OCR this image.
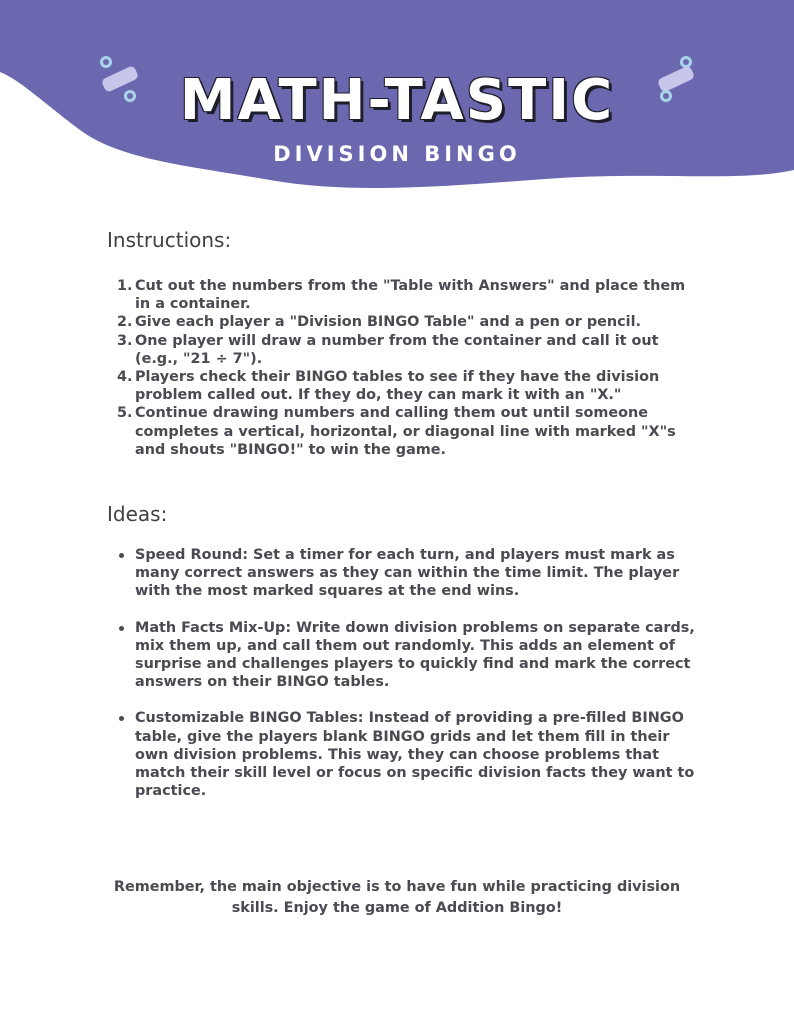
MATH-TASTIC
DIVISION BINGO
Instructions:
1. Cut out the numbers from the "Table with Answers" and place them in a container.
2. Give each player a "Division BINGO Table" and a pen or pencil.
3. One player will draw a number from the container and call it out (e.g., "21 ÷ 7").
4. Players check their BINGO tables to see if they have the division problem called out. If they do, they can mark it with an "X."
5. Continue drawing numbers and calling them out until someone completes a vertical, horizontal, or diagonal line with marked "X"s and shouts "BINGO!" to win the game.
Ideas:
Speed Round: Set a timer for each turn, and players must mark as many correct answers as they can within the time limit. The player with the most marked squares at the end wins.
Math Facts Mix-Up: Write down division problems on separate cards, mix them up, and call them out randomly. This adds an element of surprise and challenges players to quickly find and mark the correct answers on their BINGO tables.
Customizable BINGO Tables: Instead of providing a pre-filled BINGO table, give the players blank BINGO grids and let them fill in their own division problems. This way, they can choose problems that match their skill level or focus on specific division facts they want to practice.

Remember, the main objective is to have fun while practicing division skills. Enjoy the game of Addition Bingo!
